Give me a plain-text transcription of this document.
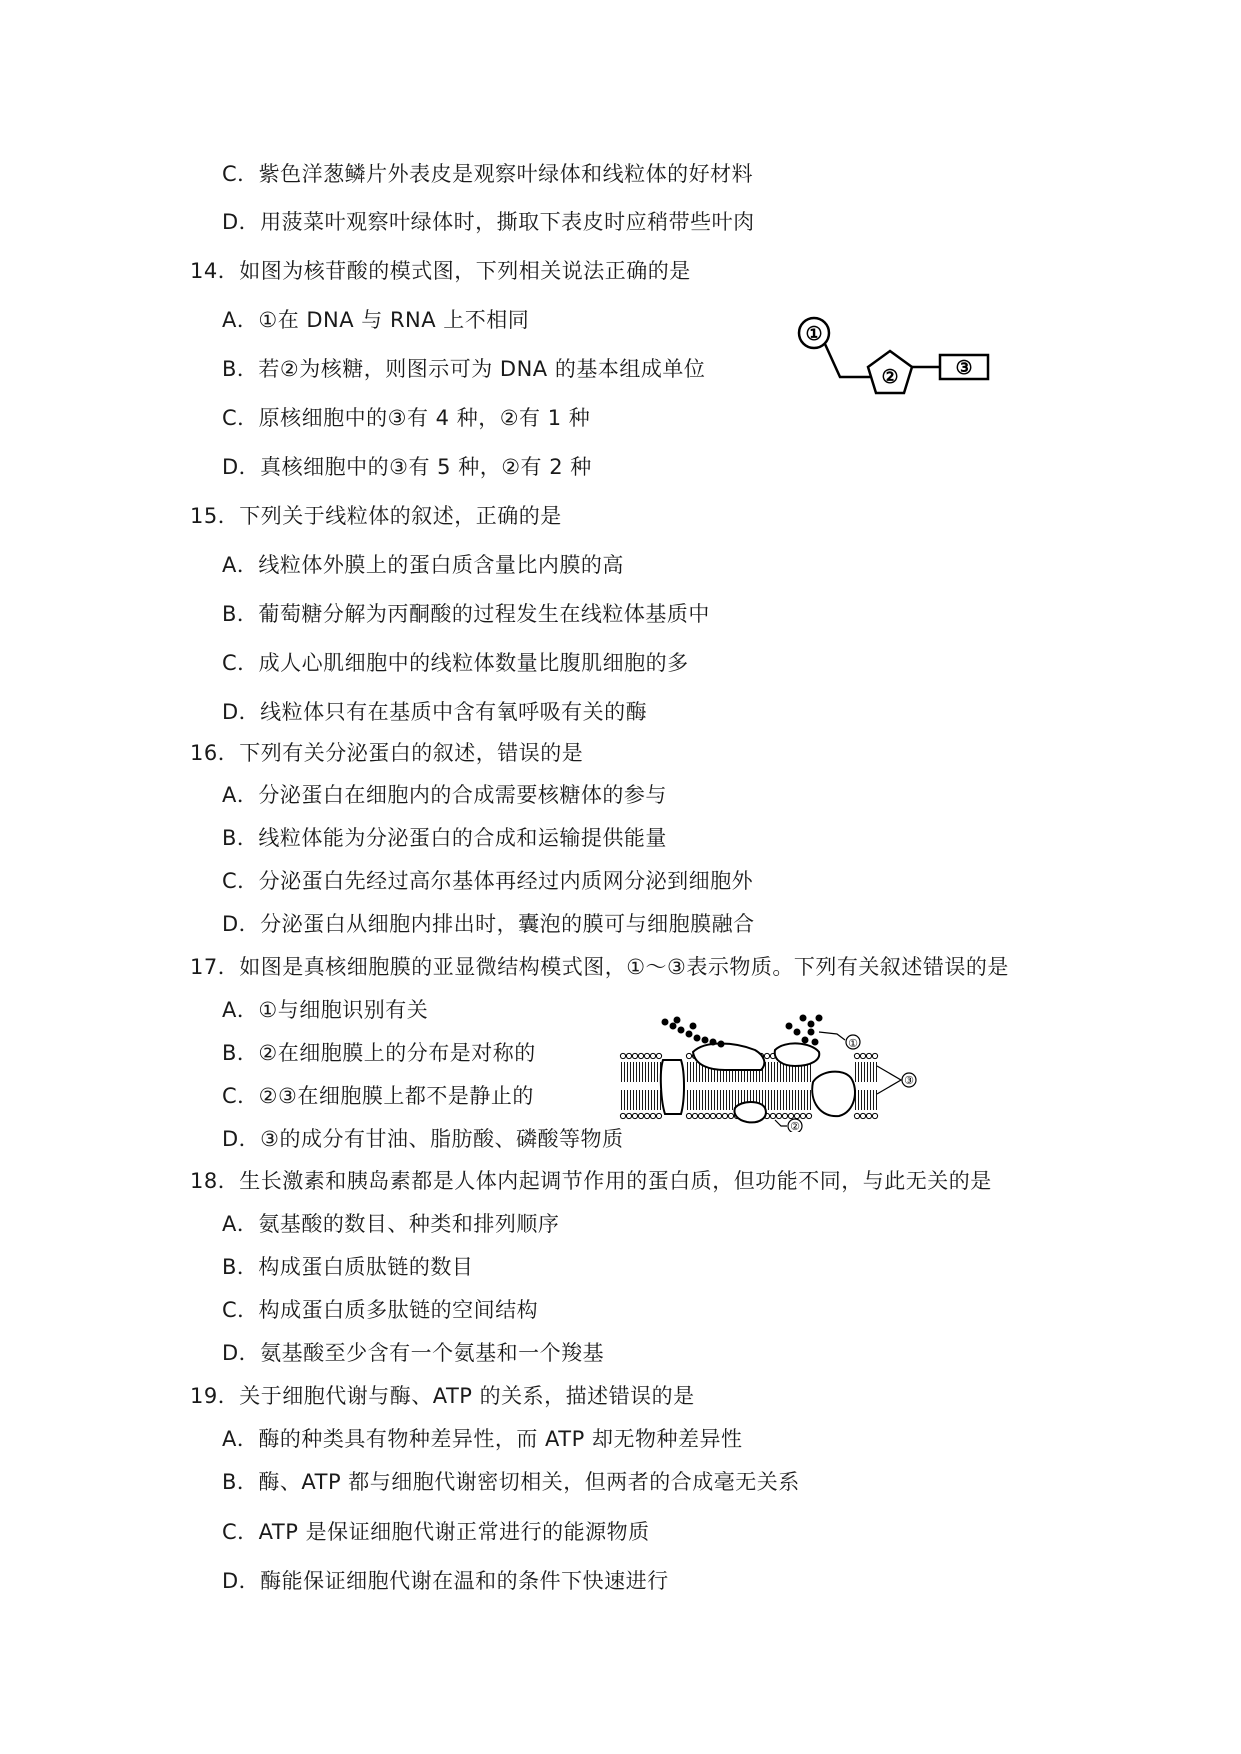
C．紫色洋葱鳞片外表皮是观察叶绿体和线粒体的好材料
D．用菠菜叶观察叶绿体时，撕取下表皮时应稍带些叶肉
14．如图为核苷酸的模式图，下列相关说法正确的是
A．①在 DNA 与 RNA 上不相同
B．若②为核糖，则图示可为 DNA 的基本组成单位
C．原核细胞中的③有 4 种，②有 1 种
D．真核细胞中的③有 5 种，②有 2 种
①
②	③
15．下列关于线粒体的叙述，正确的是
A．线粒体外膜上的蛋白质含量比内膜的高
B．葡萄糖分解为丙酮酸的过程发生在线粒体基质中
C．成人心肌细胞中的线粒体数量比腹肌细胞的多
D．线粒体只有在基质中含有氧呼吸有关的酶
16．下列有关分泌蛋白的叙述，错误的是
A．分泌蛋白在细胞内的合成需要核糖体的参与
B．线粒体能为分泌蛋白的合成和运输提供能量
C．分泌蛋白先经过高尔基体再经过内质网分泌到细胞外
D．分泌蛋白从细胞内排出时，囊泡的膜可与细胞膜融合
17．如图是真核细胞膜的亚显微结构模式图，①～③表示物质。下列有关叙述错误的是
A．①与细胞识别有关
B．②在细胞膜上的分布是对称的
C．②③在细胞膜上都不是静止的
D．③的成分有甘油、脂肪酸、磷酸等物质
①
②
③
18．生长激素和胰岛素都是人体内起调节作用的蛋白质，但功能不同，与此无关的是
A．氨基酸的数目、种类和排列顺序
B．构成蛋白质肽链的数目
C．构成蛋白质多肽链的空间结构
D．氨基酸至少含有一个氨基和一个羧基
19．关于细胞代谢与酶、ATP 的关系，描述错误的是
A．酶的种类具有物种差异性，而 ATP 却无物种差异性
B．酶、ATP 都与细胞代谢密切相关，但两者的合成毫无关系
C．ATP 是保证细胞代谢正常进行的能源物质
D．酶能保证细胞代谢在温和的条件下快速进行
